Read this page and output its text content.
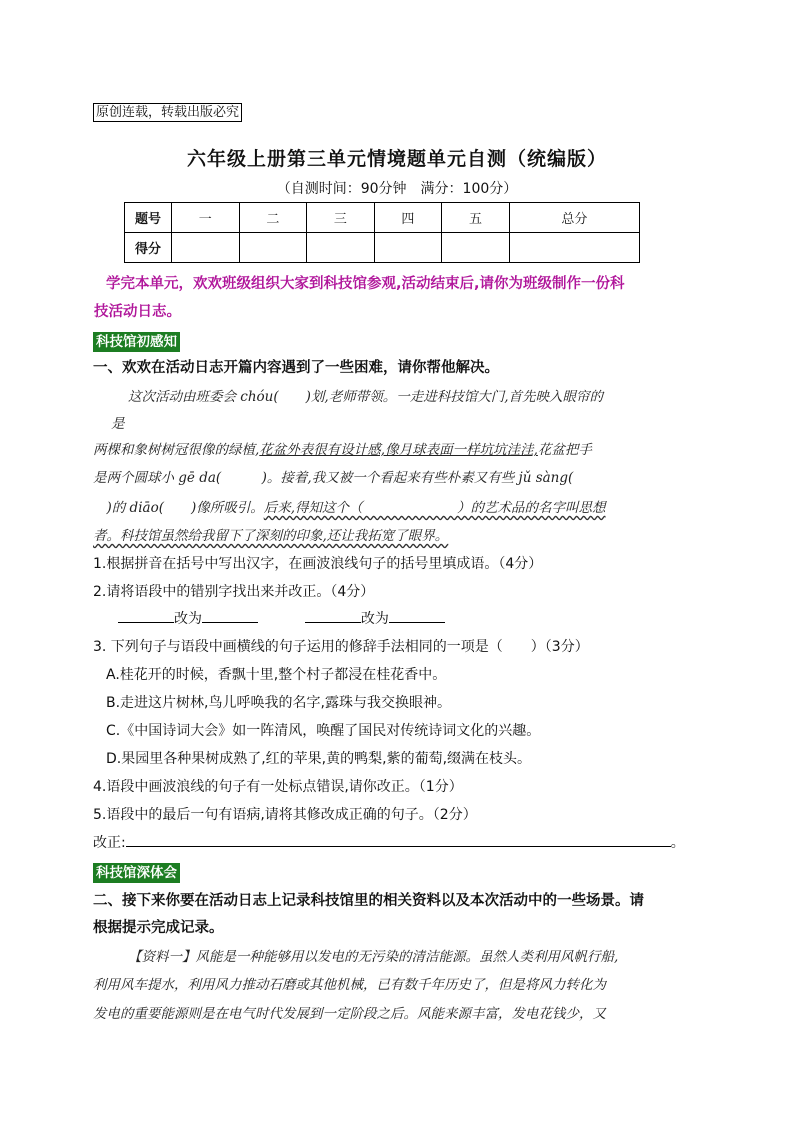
原创连载，转载出版必究
六年级上册第三单元情境题单元自测（统编版）
（自测时间：90分钟　满分：100分）
题号	一	二	三	四	五	总分
得分						
学完本单元，欢欢班级组织大家到科技馆参观,活动结束后,请你为班级制作一份科
技活动日志。
科技馆初感知
一、欢欢在活动日志开篇内容遇到了一些困难，请你帮他解决。
这次活动由班委会 chóu(　　)划,老师带领。一走进科技馆大门,首先映入眼帘的
是
两棵和象树树冠很像的绿植,花盆外表很有设计感,像月球表面一样坑坑洼洼,花盆把手
是两个圆球小 gē da(　　　)。接着,我又被一个看起来有些朴素又有些 jǔ sàng(
　)的 diāo(　　)像所吸引。后来,得知这个（　　　　　　　）的艺术品的名字叫思想
者。科技馆虽然给我留下了深刻的印象,还让我拓宽了眼界。
1.根据拼音在括号中写出汉字，在画波浪线句子的括号里填成语。（4分）
2.请将语段中的错别字找出来并改正。（4分）
改为	改为
3. 下列句子与语段中画横线的句子运用的修辞手法相同的一项是（　　）（3分）
A.桂花开的时候，香飘十里,整个村子都浸在桂花香中。
B.走进这片树林,鸟儿呼唤我的名字,露珠与我交换眼神。
C.《中国诗词大会》如一阵清风，唤醒了国民对传统诗词文化的兴趣。
D.果园里各种果树成熟了,红的苹果,黄的鸭梨,紫的葡萄,缀满在枝头。
4.语段中画波浪线的句子有一处标点错误,请你改正。（1分）
5.语段中的最后一句有语病,请将其修改成正确的句子。（2分）
改正:	。
科技馆深体会
二、接下来你要在活动日志上记录科技馆里的相关资料以及本次活动中的一些场景。请
根据提示完成记录。
【资料一】风能是一种能够用以发电的无污染的清洁能源。虽然人类利用风帆行船,
利用风车提水，利用风力推动石磨或其他机械，已有数千年历史了，但是将风力转化为
发电的重要能源则是在电气时代发展到一定阶段之后。风能来源丰富，发电花钱少，又
